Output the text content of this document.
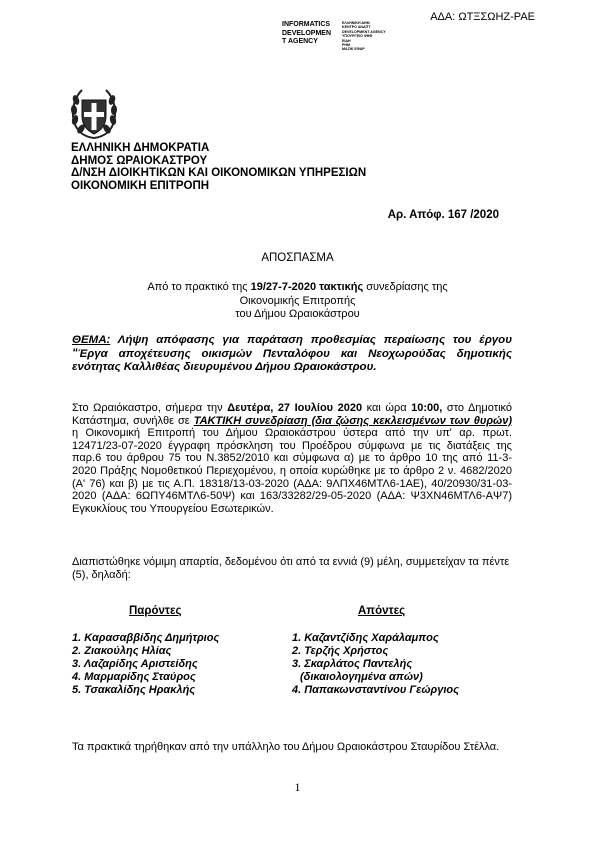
ΑΔΑ: ΩΤΞΣΩΗΖ-ΡΑΕ
INFORMATICS
DEVELOPMEN
T AGENCY
ΕΛΛΗΝΙΚΗ ΔΗΜ
ΚΕΝΤΡΟ ΑΝΑΠΤ
DEVELOPMENT AGENCY
ΥΠΟΥΡΓΕΙΟ ΨΗΦ
ΕΙΔΗ
ΡΗΜ
ΜΑΖΙΚ ΕΦΑΡ
ΕΛΛΗΝΙΚΗ ΔΗΜΟΚΡΑΤΙΑ
ΔΗΜΟΣ ΩΡΑΙΟΚΑΣΤΡΟΥ
Δ/ΝΣΗ ΔΙΟΙΚΗΤΙΚΩΝ ΚΑΙ ΟΙΚΟΝΟΜΙΚΩΝ ΥΠΗΡΕΣΙΩΝ
ΟΙΚΟΝΟΜΙΚΗ ΕΠΙΤΡΟΠΗ
Αρ. Απόφ. 167 /2020
ΑΠΟΣΠΑΣΜΑ
Από το πρακτικό της 19/27-7-2020 τακτικής συνεδρίασης της
Οικονομικής Επιτροπής
του Δήμου Ωραιοκάστρου
ΘΕΜΑ: Λήψη απόφασης για παράταση προθεσμίας περαίωσης του έργου "Έργα αποχέτευσης οικισμών Πενταλόφου και Νεοχωρούδας δημοτικής ενότητας Καλλιθέας διευρυμένου Δήμου Ωραιοκάστρου.
Στο Ωραιόκαστρο, σήμερα την Δευτέρα, 27 Ιουλίου 2020 και ώρα 10:00, στο Δημοτικό Κατάστημα, συνήλθε σε ΤΑΚΤΙΚΗ συνεδρίαση (δια ζώσης κεκλεισμένων των θυρών) η Οικονομική Επιτροπή του Δήμου Ωραιοκάστρου ύστερα από την υπ' αρ. πρωτ. 12471/23-07-2020 έγγραφη πρόσκληση του Προέδρου σύμφωνα με τις διατάξεις της παρ.6 του άρθρου 75 του Ν.3852/2010 και σύμφωνα α) με το άρθρο 10 της από 11-3-2020 Πράξης Νομοθετικού Περιεχομένου, η οποία κυρώθηκε με το άρθρο 2 ν. 4682/2020 (Α' 76) και β) με τις Α.Π. 18318/13-03-2020 (ΑΔΑ: 9ΛΠΧ46ΜΤΛ6-1ΑΕ), 40/20930/31-03-2020 (ΑΔΑ: 6ΩΠΥ46ΜΤΛ6-50Ψ) και 163/33282/29-05-2020 (ΑΔΑ: Ψ3ΧΝ46ΜΤΛ6-ΑΨ7) Εγκυκλίους του Υπουργείου Εσωτερικών.
Διαπιστώθηκε νόμιμη απαρτία, δεδομένου ότι από τα εννιά (9) μέλη, συμμετείχαν τα πέντε (5), δηλαδή:
Παρόντες	Απόντες
1. Καρασαββίδης Δημήτριος
2. Ζιακούλης Ηλίας
3. Λαζαρίδης Αριστείδης
4. Μαρμαρίδης Σταύρος
5. Τσακαλίδης Ηρακλής
1. Καζαντζίδης Χαράλαμπος
2. Τερζής Χρήστος
3. Σκαρλάτος Παντελής
(δικαιολογημένα απών)
4. Παπακωνσταντίνου Γεώργιος
Τα πρακτικά τηρήθηκαν από την υπάλληλο του Δήμου Ωραιοκάστρου Σταυρίδου Στέλλα.
1
